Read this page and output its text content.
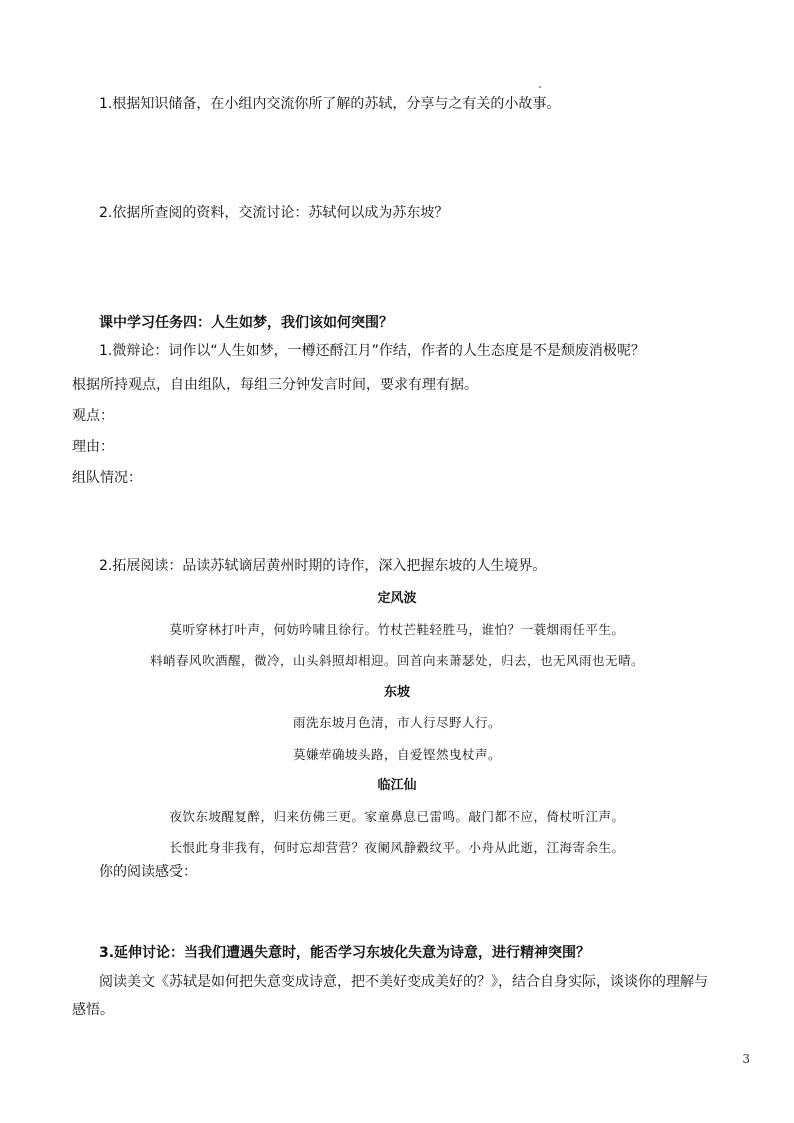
1.根据知识储备，在小组内交流你所了解的苏轼，分享与之有关的小故事。
2.依据所查阅的资料，交流讨论：苏轼何以成为苏东坡？
课中学习任务四：人生如梦，我们该如何突围？
1.微辩论：词作以“人生如梦，一樽还酹江月”作结，作者的人生态度是不是颓废消极呢？
根据所持观点，自由组队，每组三分钟发言时间，要求有理有据。
观点：
理由：
组队情况：
2.拓展阅读：品读苏轼谪居黄州时期的诗作，深入把握东坡的人生境界。
定风波
莫听穿林打叶声，何妨吟啸且徐行。竹杖芒鞋轻胜马，谁怕？一蓑烟雨任平生。
料峭春风吹酒醒，微冷，山头斜照却相迎。回首向来萧瑟处，归去，也无风雨也无晴。
东坡
雨洗东坡月色清，市人行尽野人行。
莫嫌荦确坡头路，自爱铿然曳杖声。
临江仙
夜饮东坡醒复醉，归来仿佛三更。家童鼻息已雷鸣。敲门都不应，倚杖听江声。
长恨此身非我有，何时忘却营营？夜阑风静縠纹平。小舟从此逝，江海寄余生。
你的阅读感受：
3.延伸讨论：当我们遭遇失意时，能否学习东坡化失意为诗意，进行精神突围？
阅读美文《苏轼是如何把失意变成诗意，把不美好变成美好的？》，结合自身实际，谈谈你的理解与
感悟。
3
